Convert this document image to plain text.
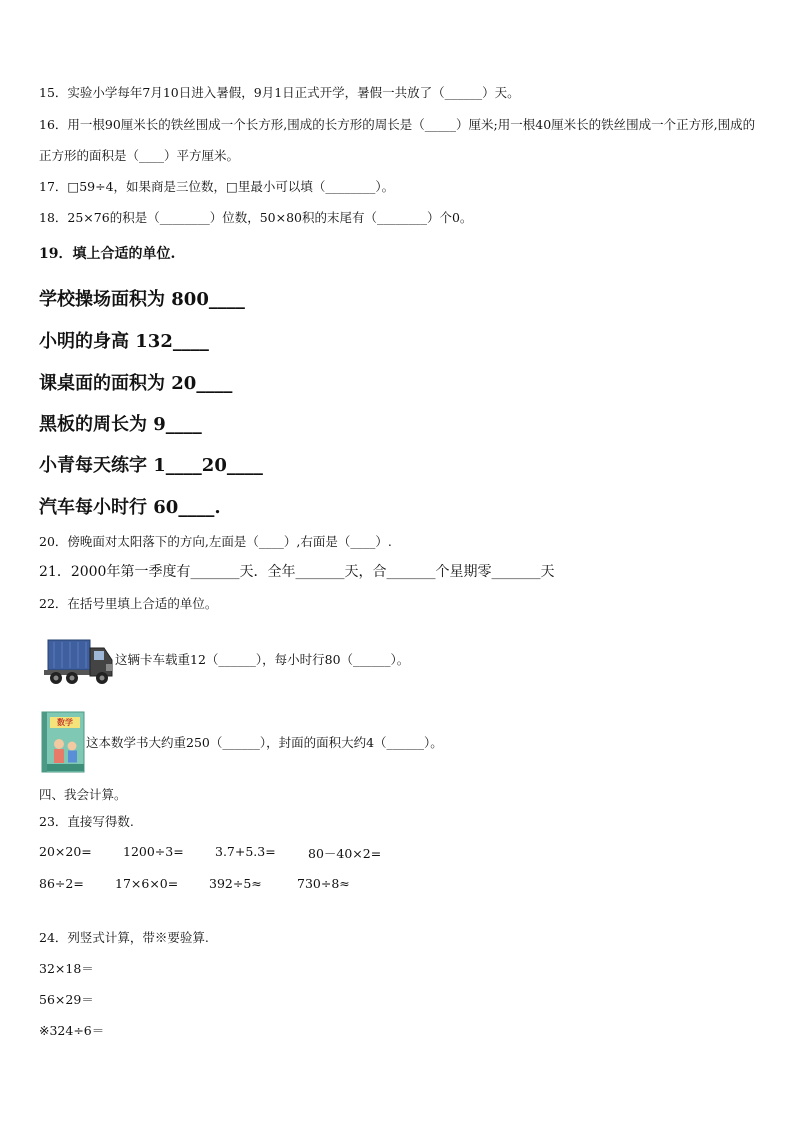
15．实验小学每年7月10日进入暑假，9月1日正式开学，暑假一共放了（______）天。
16．用一根90厘米长的铁丝围成一个长方形,围成的长方形的周长是（_____）厘米;用一根40厘米长的铁丝围成一个正方形,围成的正方形的面积是（____）平方厘米。
17．□59÷4，如果商是三位数，□里最小可以填（________）。
18．25×76的积是（________）位数，50×80积的末尾有（________）个0。
19．填上合适的单位.
学校操场面积为 800____
小明的身高 132____
课桌面的面积为 20____
黑板的周长为 9____
小青每天练字 1____20____
汽车每小时行 60____.
20．傍晚面对太阳落下的方向,左面是（____）,右面是（____）.
21．2000年第一季度有_______天．全年_______天，合_______个星期零_______天
22．在括号里填上合适的单位。
这辆卡车载重12（______），每小时行80（______）。
数学
这本数学书大约重250（______），封面的面积大约4（______）。
四、我会计算。
23．直接写得数.
20×20= 1200÷3=	3.7+5.3=	80－40×2=
86÷2= 17×6×0= 392÷5≈	730÷8≈
24．列竖式计算，带※要验算.
32×18＝
56×29＝
※324÷6＝
